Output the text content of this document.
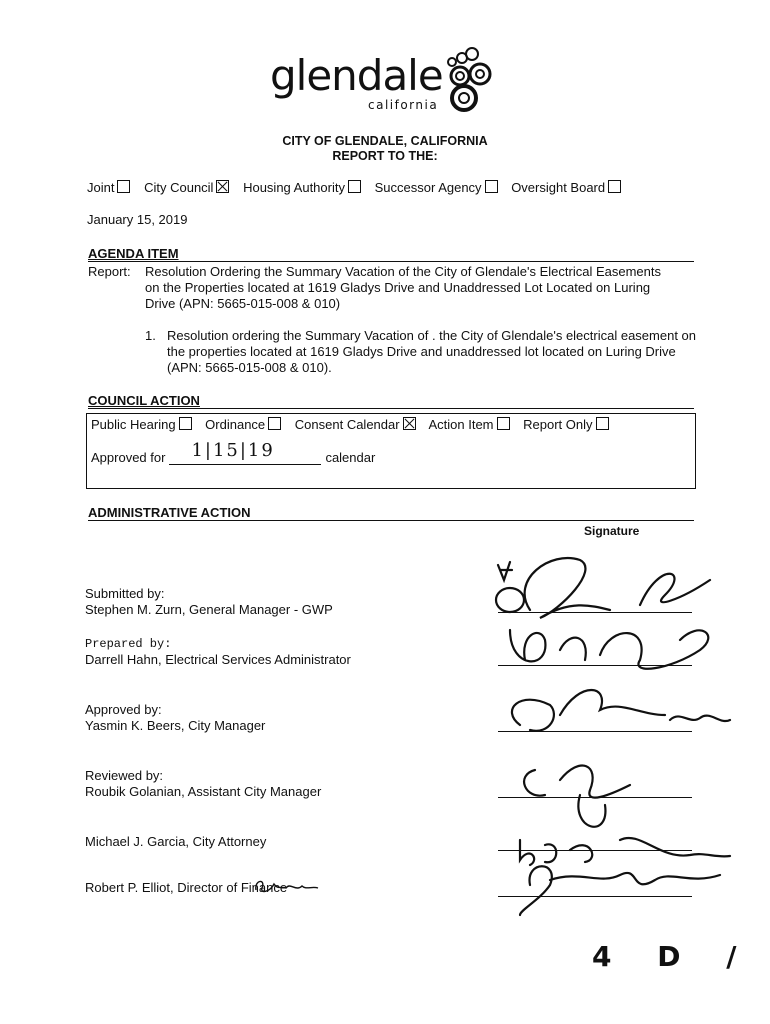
glendale
california
CITY OF GLENDALE, CALIFORNIA
REPORT TO THE:
Joint City Council Housing Authority Successor Agency Oversight Board
January 15, 2019
AGENDA ITEM
Report: Resolution Ordering the Summary Vacation of the City of Glendale's Electrical Easements on the Properties located at 1619 Gladys Drive and Unaddressed Lot Located on Luring Drive (APN: 5665-015-008 & 010)
1. Resolution ordering the Summary Vacation of . the City of Glendale's electrical easement on the properties located at 1619 Gladys Drive and unaddressed lot located on Luring Drive (APN: 5665-015-008 & 010).
COUNCIL ACTION
Public Hearing Ordinance Consent Calendar Action Item Report Only
Approved for 1|15|19	calendar
ADMINISTRATIVE ACTION
Signature
Submitted by:
Stephen M. Zurn, General Manager - GWP
Prepared by:
Darrell Hahn, Electrical Services Administrator
Approved by:
Yasmin K. Beers, City Manager
Reviewed by:
Roubik Golanian, Assistant City Manager
Michael J. Garcia, City Attorney
Robert P. Elliot, Director of Finance
4 D /
